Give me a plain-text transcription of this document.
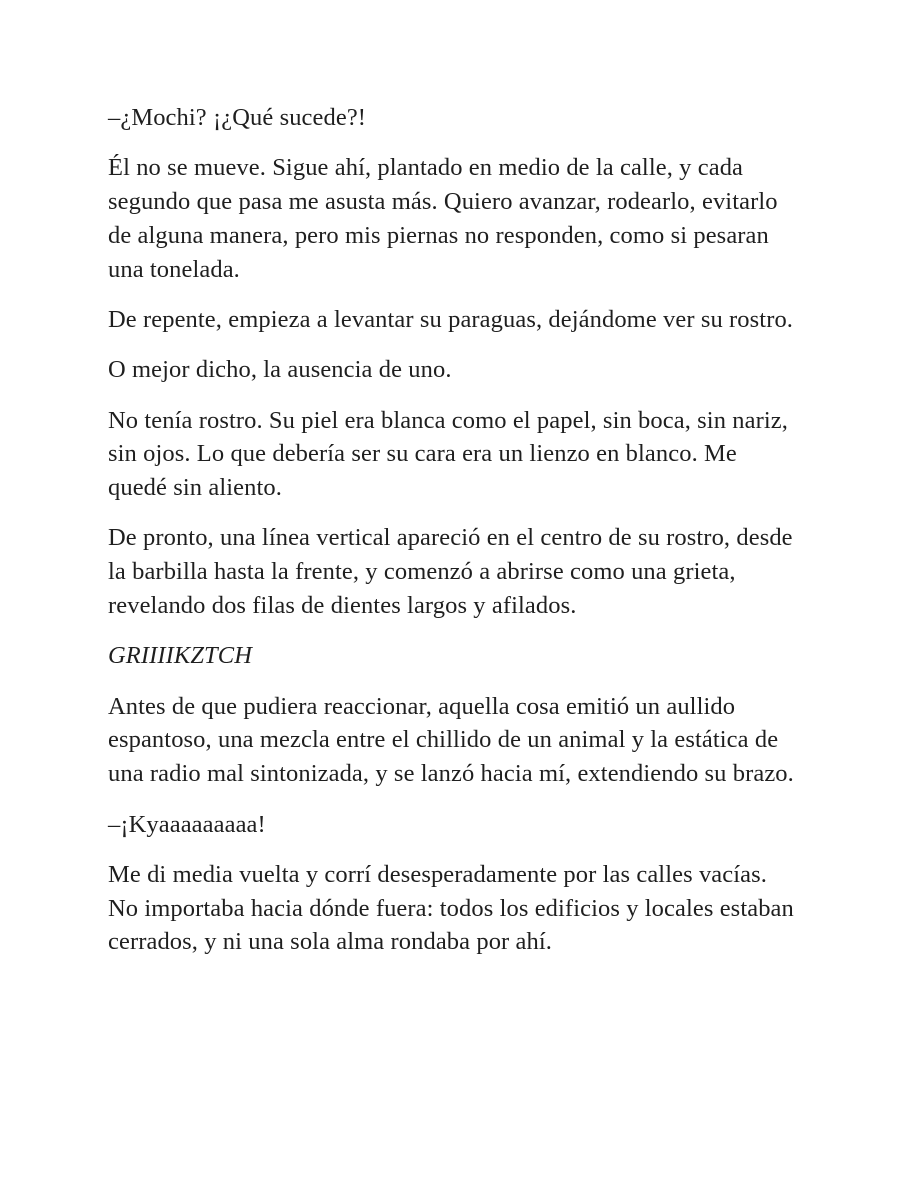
–¿Mochi? ¡¿Qué sucede?!

Él no se mueve. Sigue ahí, plantado en medio de la calle, y cada segundo que pasa me asusta más. Quiero avanzar, rodearlo, evitarlo de alguna manera, pero mis piernas no responden, como si pesaran una tonelada.

De repente, empieza a levantar su paraguas, dejándome ver su rostro.

O mejor dicho, la ausencia de uno.

No tenía rostro. Su piel era blanca como el papel, sin boca, sin nariz, sin ojos. Lo que debería ser su cara era un lienzo en blanco. Me quedé sin aliento.

De pronto, una línea vertical apareció en el centro de su rostro, desde la barbilla hasta la frente, y comenzó a abrirse como una grieta, revelando dos filas de dientes largos y afilados.

GRIIIIKZTCH

Antes de que pudiera reaccionar, aquella cosa emitió un aullido espantoso, una mezcla entre el chillido de un animal y la estática de una radio mal sintonizada, y se lanzó hacia mí, extendiendo su brazo.

–¡Kyaaaaaaaaa!

Me di media vuelta y corrí desesperadamente por las calles vacías. No importaba hacia dónde fuera: todos los edificios y locales estaban cerrados, y ni una sola alma rondaba por ahí.
